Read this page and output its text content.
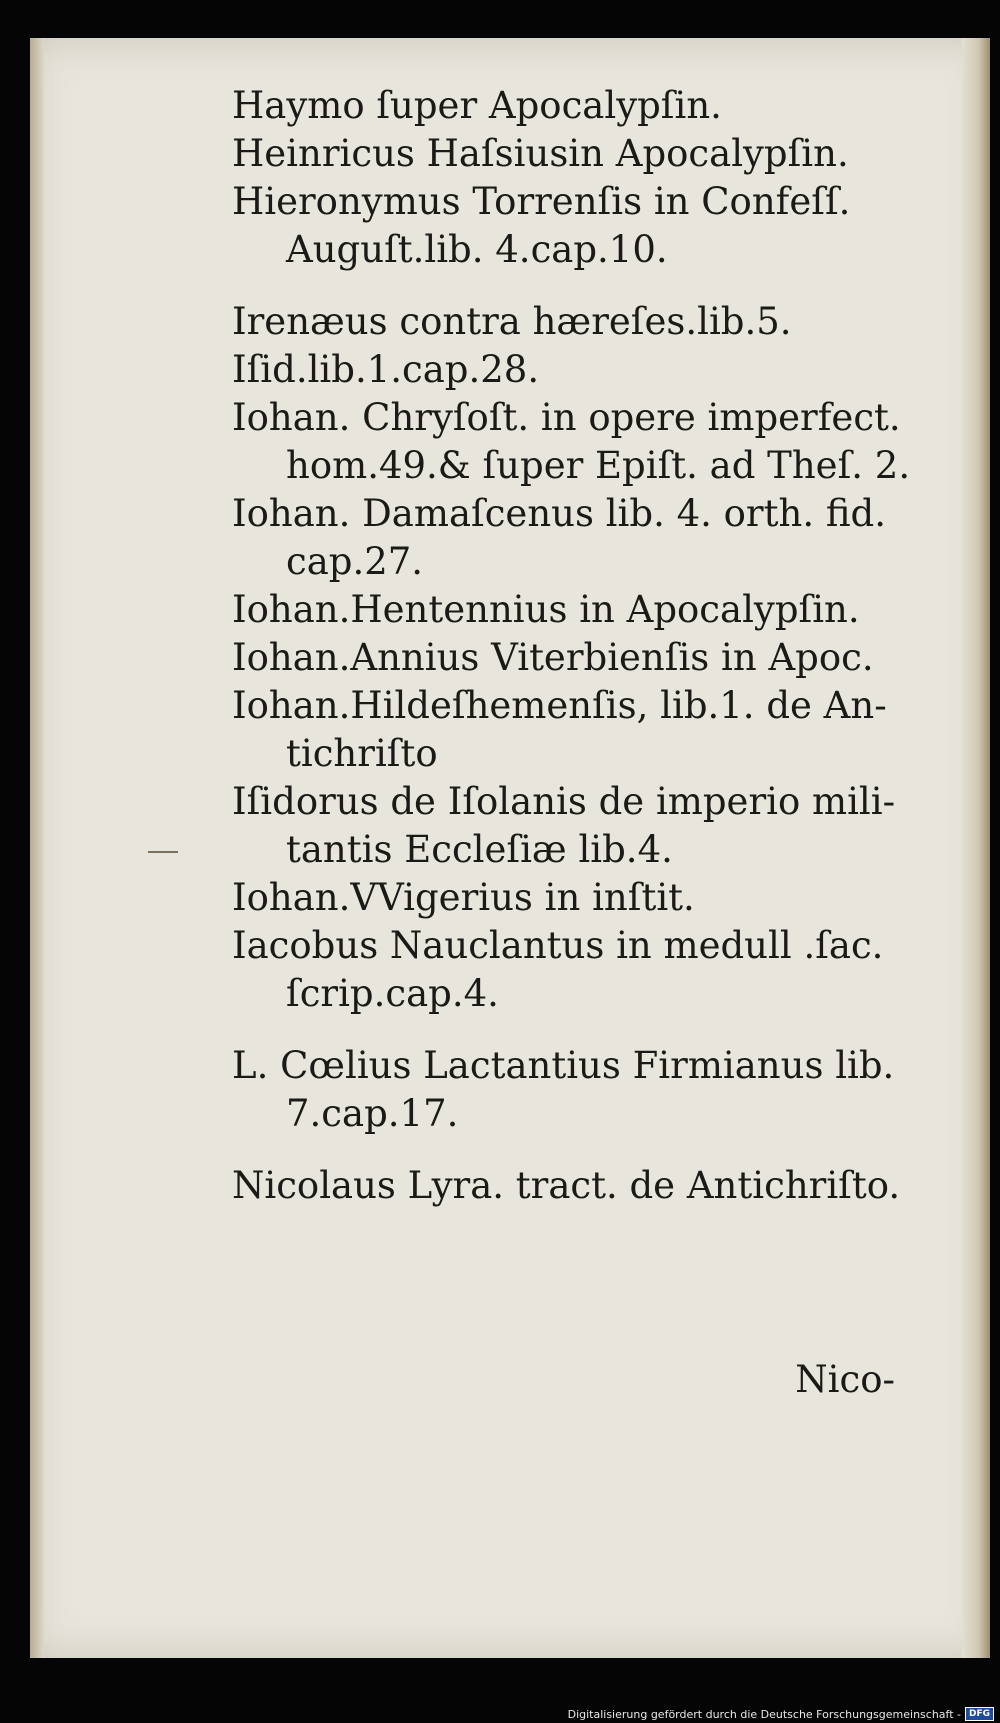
Haymo ſuper Apocalypſin.
Heinricus Haſsiusin Apocalypſin.
Hieronymus Torrenſis in Confeſſ.
Auguſt.lib. 4.cap.10.
Irenæus contra hæreſes.lib.5.
Iſid.lib.1.cap.28.
Iohan. Chryſoſt. in opere imperfect.
hom.49.& ſuper Epiſt. ad Theſ. 2.
Iohan. Damaſcenus lib. 4. orth. fid.
cap.27.
Iohan.Hentennius in Apocalypſin.
Iohan.Annius Viterbienſis in Apoc.
Iohan.Hildeſhemenſis, lib.1. de An-
tichriſto
Iſidorus de Iſolanis de imperio mili-
tantis Eccleſiæ lib.4.
Iohan.VVigerius in inſtit.
Iacobus Nauclantus in medull .ſac.
ſcrip.cap.4.
L. Cœlius Lactantius Firmianus lib.
7.cap.17.
Nicolaus Lyra. tract. de Antichriſto.
Nico-
Digitalisierung gefördert durch die Deutsche Forschungsgemeinschaft - DFG
